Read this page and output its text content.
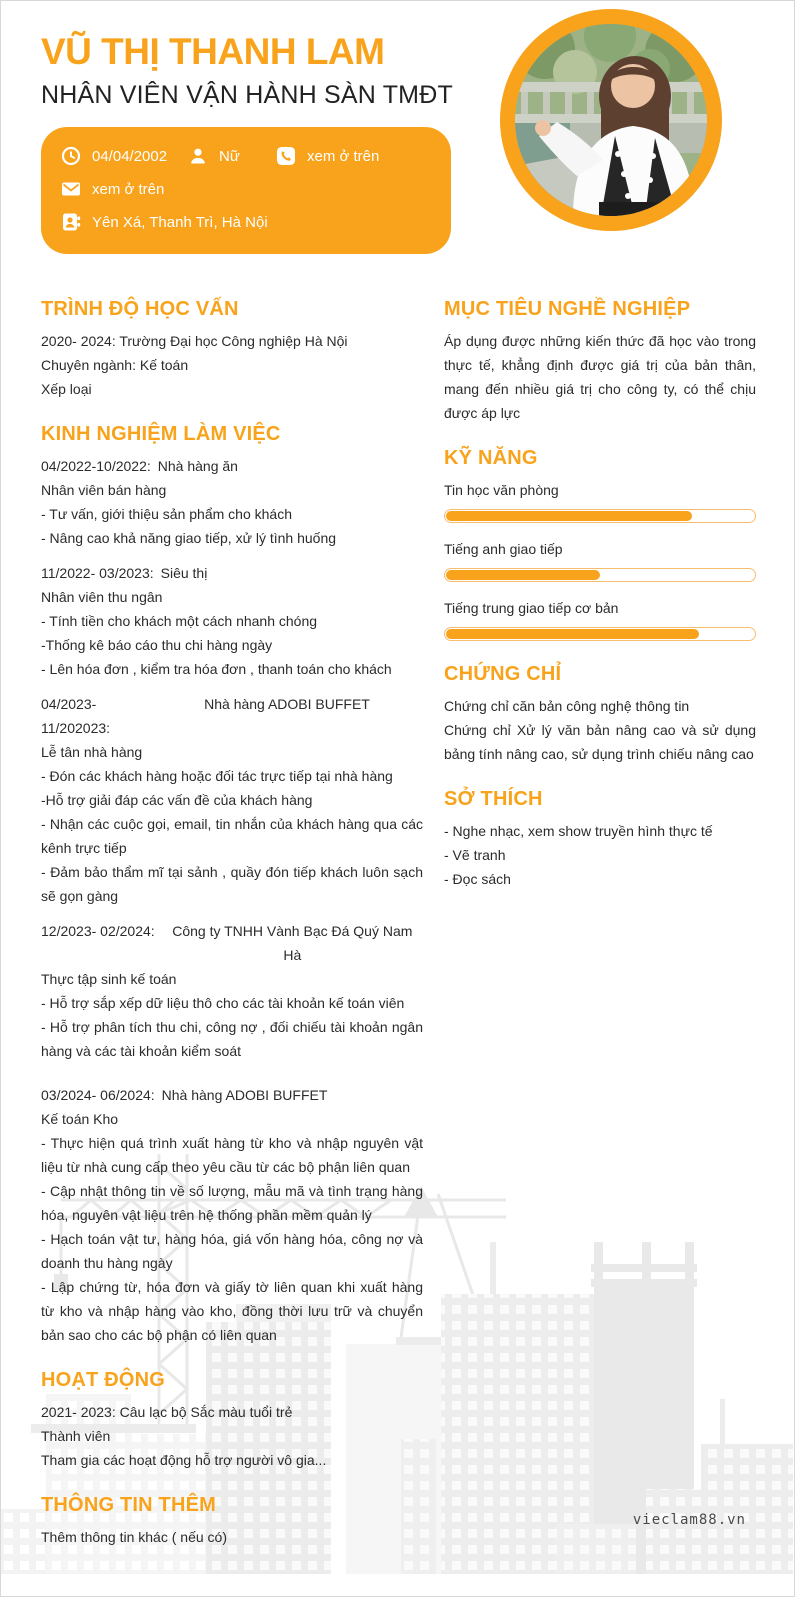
VŨ THỊ THANH LAM
NHÂN VIÊN VẬN HÀNH SÀN TMĐT
04/04/2002	Nữ	xem ở trên
xem ở trên
Yên Xá, Thanh Trì, Hà Nội
TRÌNH ĐỘ HỌC VẤN
2020- 2024: Trường Đại học Công nghiệp Hà Nội
Chuyên ngành: Kế toán
Xếp loại
KINH NGHIỆM LÀM VIỆC
04/2022-10/2022: Nhà hàng ăn
Nhân viên bán hàng
- Tư vấn, giới thiệu sản phẩm cho khách
- Nâng cao khả năng giao tiếp, xử lý tình huống
11/2022- 03/2023: Siêu thị
Nhân viên thu ngân
- Tính tiền cho khách một cách nhanh chóng
-Thống kê báo cáo thu chi hàng ngày
- Lên hóa đơn , kiểm tra hóa đơn , thanh toán cho khách
04/2023- 11/202023:
Nhà hàng ADOBI BUFFET
Lễ tân nhà hàng
- Đón các khách hàng hoặc đối tác trực tiếp tại nhà hàng
-Hỗ trợ giải đáp các vấn đề của khách hàng
- Nhận các cuộc gọi, email, tin nhắn của khách hàng qua các kênh trực tiếp
- Đảm bảo thẩm mĩ tại sảnh , quầy đón tiếp khách luôn sạch sẽ gọn gàng
12/2023- 02/2024:	Công ty TNHH Vành Bạc Đá Quý Nam Hà
Thực tập sinh kế toán
- Hỗ trợ sắp xếp dữ liệu thô cho các tài khoản kế toán viên
- Hỗ trợ phân tích thu chi, công nợ , đối chiếu tài khoản ngân hàng và các tài khoản kiểm soát
03/2024- 06/2024: Nhà hàng ADOBI BUFFET
Kế toán Kho
- Thực hiện quá trình xuất hàng từ kho và nhập nguyên vật liệu từ nhà cung cấp theo yêu cầu từ các bộ phận liên quan
- Cập nhật thông tin về số lượng, mẫu mã và tình trạng hàng hóa, nguyên vật liệu trên hệ thống phần mềm quản lý
- Hạch toán vật tư, hàng hóa, giá vốn hàng hóa, công nợ và doanh thu hàng ngày
- Lập chứng từ, hóa đơn và giấy tờ liên quan khi xuất hàng từ kho và nhập hàng vào kho, đồng thời lưu trữ và chuyển bản sao cho các bộ phận có liên quan
HOẠT ĐỘNG
2021- 2023: Câu lạc bộ Sắc màu tuổi trẻ
Thành viên
Tham gia các hoạt động hỗ trợ người vô gia...
THÔNG TIN THÊM
Thêm thông tin khác ( nếu có)
MỤC TIÊU NGHỀ NGHIỆP
Áp dụng được những kiến thức đã học vào trong thực tế, khẳng định được giá trị của bản thân, mang đến nhiều giá trị cho công ty, có thể chịu được áp lực
KỸ NĂNG
Tin học văn phòng
Tiếng anh giao tiếp
Tiếng trung giao tiếp cơ bản
CHỨNG CHỈ
Chứng chỉ căn bản công nghệ thông tin
Chứng chỉ Xử lý văn bản nâng cao và sử dụng bảng tính nâng cao, sử dụng trình chiếu nâng cao
SỞ THÍCH
- Nghe nhạc, xem show truyền hình thực tế
- Vẽ tranh
- Đọc sách
vieclam88.vn
